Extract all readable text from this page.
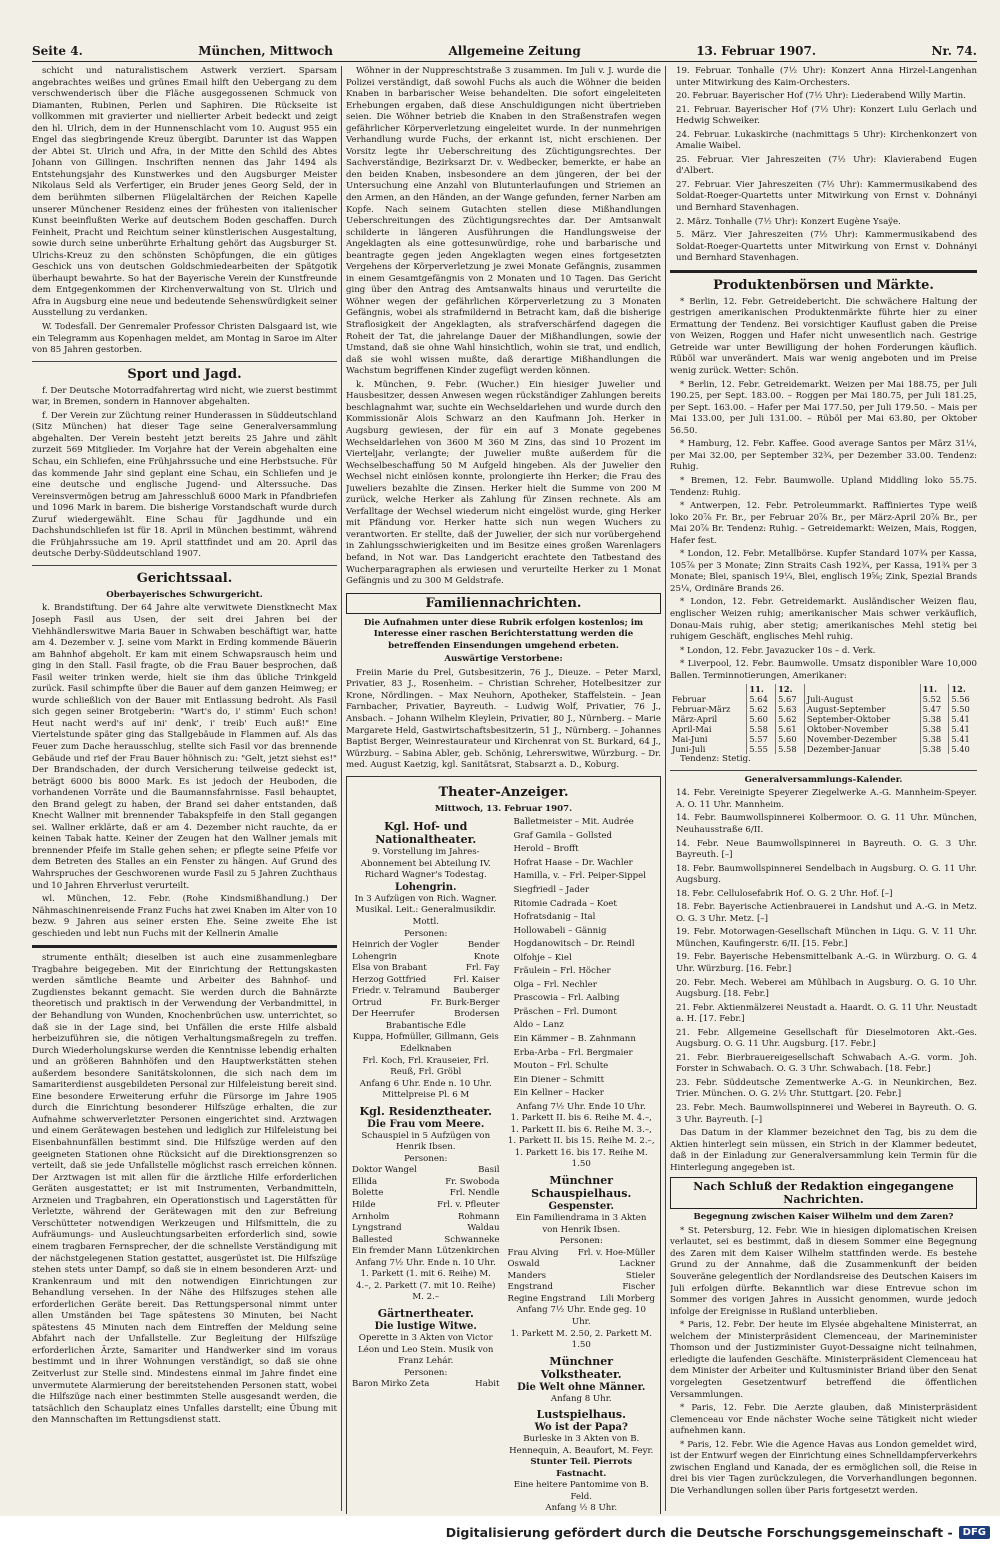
Seite 4.	München, Mittwoch	Allgemeine Zeitung	13. Februar 1907.	Nr. 74.

schicht und naturalistischem Astwerk verziert. Sparsam angebrachtes weißes und grünes Email hilft den Uebergang zu dem verschwenderisch über die Fläche ausgegossenen Schmuck von Diamanten, Rubinen, Perlen und Saphiren. Die Rückseite ist vollkommen mit gravierter und niellierter Arbeit bedeckt und zeigt den hl. Ulrich, dem in der Hunnenschlacht vom 10. August 955 ein Engel das siegbringende Kreuz übergibt. Darunter ist das Wappen der Abtei St. Ulrich und Afra, in der Mitte den Schild des Abtes Johann von Gillingen. Inschriften nennen das Jahr 1494 als Entstehungsjahr des Kunstwerkes und den Augsburger Meister Nikolaus Seld als Verfertiger, ein Bruder jenes Georg Seld, der in dem berühmten silbernen Flügelaltärchen der Reichen Kapelle unserer Münchener Residenz eines der frühesten von italienischer Kunst beeinflußten Werke auf deutschem Boden geschaffen. Durch Feinheit, Pracht und Reichtum seiner künstlerischen Ausgestaltung, sowie durch seine unberührte Erhaltung gehört das Augsburger St. Ulrichs-Kreuz zu den schönsten Schöpfungen, die ein gütiges Geschick uns von deutschen Goldschmiedearbeiten der Spätgotik überhaupt bewahrte. So hat der Bayerische Verein der Kunstfreunde dem Entgegenkommen der Kirchenverwaltung von St. Ulrich und Afra in Augsburg eine neue und bedeutende Sehenswürdigkeit seiner Ausstellung zu verdanken.

W. Todesfall. Der Genremaler Professor Christen Dalsgaard ist, wie ein Telegramm aus Kopenhagen meldet, am Montag in Saroe im Alter von 85 Jahren gestorben.

Sport und Jagd.

f. Der Deutsche Motorradfahrertag wird nicht, wie zuerst bestimmt war, in Bremen, sondern in Hannover abgehalten.

f. Der Verein zur Züchtung reiner Hunderassen in Süddeutschland (Sitz München) hat dieser Tage seine Generalversammlung abgehalten. Der Verein besteht jetzt bereits 25 Jahre und zählt zurzeit 569 Mitglieder. Im Vorjahre hat der Verein abgehalten eine Schau, ein Schliefen, eine Frühjahrssuche und eine Herbstsuche. Für das kommende Jahr sind geplant eine Schau, ein Schliefen und je eine deutsche und englische Jugend- und Alterssuche. Das Vereinsvermögen betrug am Jahresschluß 6000 Mark in Pfandbriefen und 1096 Mark in barem. Die bisherige Vorstandschaft wurde durch Zuruf wiedergewählt. Eine Schau für Jagdhunde und ein Dachshundschliefen ist für 18. April in München bestimmt, während die Frühjahrssuche am 19. April stattfindet und am 20. April das deutsche Derby-Süddeutschland 1907.

Gerichtssaal.
Oberbayerisches Schwurgericht.

k. Brandstiftung. Der 64 Jahre alte verwitwete Dienstknecht Max Joseph Fasil aus Usen, der seit drei Jahren bei der Viehhändlerswitwe Maria Bauer in Schwaben beschäftigt war, hatte am 4. Dezember v. J. seine vom Markt in Erding kommende Bäuerin am Bahnhof abgeholt. Er kam mit einem Schwapsrausch heim und ging in den Stall. Fasil fragte, ob die Frau Bauer besprochen, daß Fasil weiter trinken werde, hielt sie ihm das übliche Trinkgeld zurück. Fasil schimpfte über die Bauer auf dem ganzen Heimweg; er wurde schließlich von der Bauer mit Entlassung bedroht. Als Fasil sich gegen seiner Brotgeberin: "Wart's do, i' stimm' Euch schon! Heut nacht werd's auf ini' denk', i' treib' Euch auß!" Eine Viertelstunde später ging das Stallgebäude in Flammen auf. Als das Feuer zum Dache herausschlug, stellte sich Fasil vor das brennende Gebäude und rief der Frau Bauer höhnisch zu: "Gelt, jetzt siehst es!" Der Brandschaden, der durch Versicherung teilweise gedeckt ist, beträgt 6000 bis 8000 Mark. Es ist jedoch der Heuboden, die vorhandenen Vorräte und die Baumannsfahrnisse. Fasil behauptet, den Brand gelegt zu haben, der Brand sei daher entstanden, daß Knecht Wallner mit brennender Tabakspfeife in den Stall gegangen sei. Wallner erklärte, daß er am 4. Dezember nicht rauchte, da er keinen Tabak hatte. Keiner der Zeugen hat den Wallner jemals mit brennender Pfeife im Stalle gehen sehen; er pflegte seine Pfeife vor dem Betreten des Stalles an ein Fenster zu hängen. Auf Grund des Wahrspruches der Geschworenen wurde Fasil zu 5 Jahren Zuchthaus und 10 Jahren Ehrverlust verurteilt.

wl. München, 12. Febr. (Rohe Kindsmißhandlung.) Der Nähmaschinenreisende Franz Fuchs hat zwei Knaben im Alter von 10 bezw. 9 Jahren aus seiner ersten Ehe. Seine zweite Ehe ist geschieden und lebt nun Fuchs mit der Kellnerin Amalie

strumente enthält; dieselben ist auch eine zusammenlegbare Tragbahre beigegeben. Mit der Einrichtung der Rettungskasten werden sämtliche Beamte und Arbeiter des Bahnhof- und Zugdienstes bekannt gemacht. Sie werden durch die Bahnärzte theoretisch und praktisch in der Verwendung der Verbandmittel, in der Behandlung von Wunden, Knochenbrüchen usw. unterrichtet, so daß sie in der Lage sind, bei Unfällen die erste Hilfe alsbald herbeizuführen sie, die nötigen Verhaltungsmaßregeln zu treffen. Durch Wiederholungskurse werden die Kenntnisse lebendig erhalten und an größeren Bahnhöfen und den Hauptwerkstätten stehen außerdem besondere Sanitätskolonnen, die sich nach dem im Samariterdienst ausgebildeten Personal zur Hilfeleistung bereit sind. Eine besondere Erweiterung erfuhr die Fürsorge im Jahre 1905 durch die Einrichtung besonderer Hilfszüge erhalten, die zur Aufnahme schwerverletzter Personen eingerichtet sind. Arztwagen und einem Gerätewagen bestehen und lediglich zur Hilfeleistung bei Eisenbahnunfällen bestimmt sind. Die Hilfszüge werden auf den geeigneten Stationen ohne Rücksicht auf die Direktionsgrenzen so verteilt, daß sie jede Unfallstelle möglichst rasch erreichen können. Der Arztwagen ist mit allen für die ärztliche Hilfe erforderlichen Geräten ausgestattet; er ist mit Instrumenten, Verbandmitteln, Arzneien und Tragbahren, ein Operationstisch und Lagerstätten für Verletzte, während der Gerätewagen mit den zur Befreiung Verschütteter notwendigen Werkzeugen und Hilfsmitteln, die zu Aufräumungs- und Ausleuchtungsarbeiten erforderlich sind, sowie einem tragbaren Fernsprecher, der die schnellste Verständigung mit der nächstgelegenen Station gestattet, ausgerüstet ist. Die Hilfszüge stehen stets unter Dampf, so daß sie in einem besonderen Arzt- und Krankenraum und mit den notwendigen Einrichtungen zur Behandlung versehen. In der Nähe des Hilfszuges stehen alle erforderlichen Geräte bereit. Das Rettungspersonal nimmt unter allen Umständen bei Tage spätestens 30 Minuten, bei Nacht spätestens 45 Minuten nach dem Eintreffen der Meldung seine Abfahrt nach der Unfallstelle. Zur Begleitung der Hilfszüge erforderlichen Ärzte, Samariter und Handwerker sind im voraus bestimmt und in ihrer Wohnungen verständigt, so daß sie ohne Zeitverlust zur Stelle sind. Mindestens einmal im Jahre findet eine unvermutete Alarmierung der bereitstehenden Personen statt, wobei die Hilfszüge nach einer bestimmten Stelle ausgesandt werden, die tatsächlich den Schauplatz eines Unfalles darstellt; eine Übung mit den Mannschaften im Rettungsdienst statt.

Wöhner in der Nuppreschtstraße 3 zusammen. Im Juli v. J. wurde die Polizei verständigt, daß sowohl Fuchs als auch die Wöhner die beiden Knaben in barbarischer Weise behandelten. Die sofort eingeleiteten Erhebungen ergaben, daß diese Anschuldigungen nicht übertrieben seien. Die Wöhner betrieb die Knaben in den Straßenstrafen wegen gefährlicher Körperverletzung eingeleitet wurde. In der nunmehrigen Verhandlung wurde Fuchs, der erkannt ist, nicht erschienen. Der Vorsitz legte ihr Ueberschreitung des Züchtigungsrechtes. Der Sachverständige, Bezirksarzt Dr. v. Wedbecker, bemerkte, er habe an den beiden Knaben, insbesondere an dem jüngeren, der bei der Untersuchung eine Anzahl von Blutunterlaufungen und Striemen an den Armen, an den Händen, an der Wange gefunden, ferner Narben am Kopfe. Nach seinem Gutachten stellen diese Mißhandlungen Ueberschreitungen des Züchtigungsrechtes dar. Der Amtsanwalt schilderte in längeren Ausführungen die Handlungsweise der Angeklagten als eine gottesunwürdige, rohe und barbarische und beantragte gegen jeden Angeklagten wegen eines fortgesetzten Vergehens der Körperverletzung je zwei Monate Gefängnis, zusammen in einem Gesamtgefängnis von 2 Monaten und 10 Tagen. Das Gericht ging über den Antrag des Amtsanwalts hinaus und verurteilte die Wöhner wegen der gefährlichen Körperverletzung zu 3 Monaten Gefängnis, wobei als strafmildernd in Betracht kam, daß die bisherige Straflosigkeit der Angeklagten, als strafverschärfend dagegen die Roheit der Tat, die jahrelange Dauer der Mißhandlungen, sowie der Umstand, daß sie ohne Wahl hinsichtlich, wohin sie trat, und endlich, daß sie wohl wissen mußte, daß derartige Mißhandlungen die Wachstum begriffenen Kinder zugefügt werden können.

k. München, 9. Febr. (Wucher.) Ein hiesiger Juwelier und Hausbesitzer, dessen Anwesen wegen rückständiger Zahlungen bereits beschlagnahmt war, suchte ein Wechseldarlehen und wurde durch den Kommissionär Alois Schwarz an den Kaufmann Joh. Herker in Augsburg gewiesen, der für ein auf 3 Monate gegebenes Wechseldarlehen von 3600 M 360 M Zins, das sind 10 Prozent im Vierteljahr, verlangte; der Juwelier mußte außerdem für die Wechselbeschaffung 50 M Aufgeld hingeben. Als der Juwelier den Wechsel nicht einlösen konnte, prolongierte ihn Herker; die Frau des Juweliers bezahlte die Zinsen. Herker hielt die Summe von 200 M zurück, welche Herker als Zahlung für Zinsen rechnete. Als am Verfalltage der Wechsel wiederum nicht eingelöst wurde, ging Herker mit Pfändung vor. Herker hatte sich nun wegen Wuchers zu verantworten. Er stellte, daß der Juwelier, der sich nur vorübergehend in Zahlungsschwierigkeiten und im Besitze eines großen Warenlagers befand, in Not war. Das Landgericht erachtete den Tatbestand des Wucherparagraphen als erwiesen und verurteilte Herker zu 1 Monat Gefängnis und zu 300 M Geldstrafe.

Familiennachrichten.

Die Aufnahmen unter diese Rubrik erfolgen kostenlos; im Interesse einer raschen Berichterstattung werden die betreffenden Einsendungen umgehend erbeten.

Auswärtige Verstorbene:

Freiin Marie du Prel, Gutsbesitzerin, 76 J., Dieuze. – Peter Marxl, Privatier, 83 J., Rosenheim. – Christian Schreher, Hotelbesitzer zur Krone, Nördlingen. – Max Neuhorn, Apotheker, Staffelstein. – Jean Farnbacher, Privatier, Bayreuth. – Ludwig Wolf, Privatier, 76 J., Ansbach. – Johann Wilhelm Kleylein, Privatier, 80 J., Nürnberg. – Marie Margarete Held, Gastwirtschaftsbesitzerin, 51 J., Nürnberg. – Johannes Baptist Berger, Weinrestaurateur und Kirchenrat von St. Burkard, 64 J., Würzburg. – Sabina Abler, geb. Schönig, Lehrerswitwe, Würzburg. – Dr. med. August Kaetzig, kgl. Sanitätsrat, Stabsarzt a. D., Koburg.

Theater-Anzeiger.
Mittwoch, 13. Februar 1907.
Kgl. Hof- und Nationaltheater.

9. Vorstellung im Jahres-Abonnement bei Abteilung IV. Richard Wagner's Todestag.

Lohengrin.

In 3 Aufzügen von Rich. Wagner. Musikal. Leit.: Generalmusikdir. Mottl.

Personen:

Heinrich der Vogler	Bender

Lohengrin	Knote

Elsa von Brabant	Frl. Fay

Herzog Gottfried	Frl. Kaiser

Friedr. v. Telramund Bauberger

Ortrud	Fr. Burk-Berger

Der Heerrufer	Brodersen

Brabantische Edle

Kuppa, Hofmüller, Gillmann, Geis

Edelknaben

Frl. Koch, Frl. Krauseier, Frl. Reuß, Frl. Gröbl

Anfang 6 Uhr. Ende n. 10 Uhr.

Mittelpreise Pl. 6 M

Kgl. Residenztheater.
Die Frau vom Meere.

Schauspiel in 5 Aufzügen von Henrik Ibsen.

Personen:

Doktor Wangel	Basil

Ellida	Fr. Swoboda

Bolette	Frl. Nendle

Hilde	Frl. v. Pfleuter

Arnholm	Rohmann

Lyngstrand	Waldau

Ballested	Schwanneke

Ein fremder Mann Lützenkirchen

Anfang 7½ Uhr. Ende n. 10 Uhr.

1. Parkett (1. mit 6. Reihe) M. 4.–, 2. Parkett (7. mit 10. Reihe) M. 2.–

Gärtnertheater.
Die lustige Witwe.

Operette in 3 Akten von Victor Léon und Leo Stein. Musik von Franz Lehár.

Personen:

Baron Mirko Zeta	Habit

Balletmeister – Mit. Audrée

Graf Gamila – Gollsted

Herold – Brofft

Hofrat Haase – Dr. Wachler

Hamilla, v. – Frl. Peiper-Sippel

Siegfriedl – Jader

Ritomie Cadrada – Koet

Hofratsdanig – Ital

Hollowabeli – Gännig

Hogdanowitsch – Dr. Reindl

Olfohje – Kiel

Fräulein – Frl. Höcher

Olga – Frl. Nechler

Prascowia – Frl. Aalbing

Präschen – Frl. Dumont

Aldo – Lanz

Ein Kämmer – B. Zahnmann

Erba-Arba – Frl. Bergmaier

Mouton – Frl. Schulte

Ein Diener – Schmitt

Ein Kellner – Hacker

Anfang 7½ Uhr. Ende 10 Uhr.

1. Parkett II. bis 6. Reihe M. 4.–, 1. Parkett II. bis 6. Reihe M. 3.–, 1. Parkett II. bis 15. Reihe M. 2.–, 1. Parkett 16. bis 17. Reihe M. 1.50

Münchner Schauspielhaus.
Gespenster.

Ein Familiendrama in 3 Akten von Henrik Ibsen.

Personen:

Frau Alving Frl. v. Hoe-Müller

Oswald	Lackner

Manders	Stieler

Engstrand	Fischer

Regine Engstrand Lili Morberg

Anfang 7½ Uhr. Ende geg. 10 Uhr.

1. Parkett M. 2.50, 2. Parkett M. 1.50

Münchner Volkstheater.
Die Welt ohne Männer.

Anfang 8 Uhr.

Lustspielhaus.
Wo ist der Papa?

Burleske in 3 Akten von B. Hennequin, A. Beaufort, M. Feyr.

Stunter Teil. Pierrots Fastnacht.

Eine heitere Pantomime von B. Feld.

Anfang ½ 8 Uhr.

19. Februar. Tonhalle (7½ Uhr): Konzert Anna Hirzel-Langenhan unter Mitwirkung des Kaim-Orchesters.

20. Februar. Bayerischer Hof (7½ Uhr): Liederabend Willy Martin.

21. Februar. Bayerischer Hof (7½ Uhr): Konzert Lulu Gerlach und Hedwig Schweiker.

24. Februar. Lukaskirche (nachmittags 5 Uhr): Kirchenkonzert von Amalie Waibel.

25. Februar. Vier Jahreszeiten (7½ Uhr): Klavierabend Eugen d'Albert.

27. Februar. Vier Jahreszeiten (7½ Uhr): Kammermusikabend des Soldat-Roeger-Quartetts unter Mitwirkung von Ernst v. Dohnányi und Bernhard Stavenhagen.

2. März. Tonhalle (7½ Uhr): Konzert Eugène Ysaÿe.

5. März. Vier Jahreszeiten (7½ Uhr): Kammermusikabend des Soldat-Roeger-Quartetts unter Mitwirkung von Ernst v. Dohnányi und Bernhard Stavenhagen.

Produktenbörsen und Märkte.

* Berlin, 12. Febr. Getreidebericht. Die schwächere Haltung der gestrigen amerikanischen Produktenmärkte führte hier zu einer Ermattung der Tendenz. Bei vorsichtiger Kauflust gaben die Preise von Weizen, Roggen und Hafer nicht unwesentlich nach. Gestrige Getreide war unter Bewilligung der hohen Forderungen käuflich. Rüböl war unverändert. Mais war wenig angeboten und im Preise wenig zurück. Wetter: Schön.

* Berlin, 12. Febr. Getreidemarkt. Weizen per Mai 188.75, per Juli 190.25, per Sept. 183.00. – Roggen per Mai 180.75, per Juli 181.25, per Sept. 163.00. – Hafer per Mai 177.50, per Juli 179.50. – Mais per Mai 133.00, per Juli 131.00. – Rüböl per Mai 63.80, per Oktober 56.50.

* Hamburg, 12. Febr. Kaffee. Good average Santos per März 31¼, per Mai 32.00, per September 32¾, per Dezember 33.00. Tendenz: Ruhig.

* Bremen, 12. Febr. Baumwolle. Upland Middling loko 55.75. Tendenz: Ruhig.

* Antwerpen, 12. Febr. Petroleummarkt. Raffiniertes Type weiß loko 20⅞ Fr. Br., per Februar 20⅞ Br., per März-April 20⅞ Br., per Mai 20⅞ Br. Tendenz: Ruhig. – Getreidemarkt: Weizen, Mais, Roggen, Hafer fest.

* London, 12. Febr. Metallbörse. Kupfer Standard 107¾ per Kassa, 105⅞ per 3 Monate; Zinn Straits Cash 192¾, per Kassa, 191¾ per 3 Monate; Blei, spanisch 19¼, Blei, englisch 19⅝; Zink, Spezial Brands 25¼, Ordinäre Brands 26.

* London, 12. Febr. Getreidemarkt. Ausländischer Weizen flau, englischer Weizen ruhig; amerikanischer Mais schwer verkäuflich, Donau-Mais ruhig, aber stetig; amerikanisches Mehl stetig bei ruhigem Geschäft, englisches Mehl ruhig.

* London, 12. Febr. Javazucker 10s – d. Verk.

* Liverpool, 12. Febr. Baumwolle. Umsatz disponibler Ware 10,000 Ballen. Terminnotierungen, Amerikaner:

	11.	12.		11.	12.
Februar	5.64	5.67	Juli-August	5.52	5.56
Februar-März	5.62	5.63	August-September	5.47	5.50
März-April	5.60	5.62	September-Oktober	5.38	5.41
April-Mai	5.58	5.61	Oktober-November	5.38	5.41
Mai-Juni	5.57	5.60	November-Dezember	5.38	5.41
Juni-Juli	5.55	5.58	Dezember-Januar	5.38	5.40

Tendenz: Stetig.

Generalversammlungs-Kalender.

14. Febr. Vereinigte Speyerer Ziegelwerke A.-G. Mannheim-Speyer. A. O. 11 Uhr. Mannheim.

14. Febr. Baumwollspinnerei Kolbermoor. O. G. 11 Uhr. München, Neuhausstraße 6/II.

14. Febr. Neue Baumwollspinnerei in Bayreuth. O. G. 3 Uhr. Bayreuth. [–]

18. Febr. Baumwollspinnerei Sendelbach in Augsburg. O. G. 11 Uhr. Augsburg.

18. Febr. Cellulosefabrik Hof. O. G. 2 Uhr. Hof. [–]

18. Febr. Bayerische Actienbrauerei in Landshut und A.-G. in Metz. O. G. 3 Uhr. Metz. [–]

19. Febr. Motorwagen-Gesellschaft München in Liqu. G. V. 11 Uhr. München, Kaufingerstr. 6/II. [15. Febr.]

19. Febr. Bayerische Hebensmittelbank A.-G. in Würzburg. O. G. 4 Uhr. Würzburg. [16. Febr.]

20. Febr. Mech. Weberei am Mühlbach in Augsburg. O. G. 10 Uhr. Augsburg. [18. Febr.]

21. Febr. Aktienmälzerei Neustadt a. Haardt. O. G. 11 Uhr. Neustadt a. H. [17. Febr.]

21. Febr. Allgemeine Gesellschaft für Dieselmotoren Akt.-Ges. Augsburg. O. G. 11 Uhr. Augsburg. [17. Febr.]

21. Febr. Bierbrauereigesellschaft Schwabach A.-G. vorm. Joh. Forster in Schwabach. O. G. 3 Uhr. Schwabach. [18. Febr.]

23. Febr. Süddeutsche Zementwerke A.-G. in Neunkirchen, Bez. Trier. München. O. G. 2½ Uhr. Stuttgart. [20. Febr.]

23. Febr. Mech. Baumwollspinnerei und Weberei in Bayreuth. O. G. 3 Uhr. Bayreuth. [–]

Das Datum in der Klammer bezeichnet den Tag, bis zu dem die Aktien hinterlegt sein müssen, ein Strich in der Klammer bedeutet, daß in der Einladung zur Generalversammlung kein Termin für die Hinterlegung angegeben ist.

Nach Schluß der Redaktion eingegangene Nachrichten.
Begegnung zwischen Kaiser Wilhelm und dem Zaren?

* St. Petersburg, 12. Febr. Wie in hiesigen diplomatischen Kreisen verlautet, sei es bestimmt, daß in diesem Sommer eine Begegnung des Zaren mit dem Kaiser Wilhelm stattfinden werde. Es bestehe Grund zu der Annahme, daß die Zusammenkunft der beiden Souveräne gelegentlich der Nordlandsreise des Deutschen Kaisers im Juli erfolgen dürfte. Bekanntlich war diese Entrevue schon im Sommer des vorigen Jahres in Aussicht genommen, wurde jedoch infolge der Ereignisse in Rußland unterblieben.

* Paris, 12. Febr. Der heute im Elysée abgehaltene Ministerrat, an welchem der Ministerpräsident Clemenceau, der Marineminister Thomson und der Justizminister Guyot-Dessaigne nicht teilnahmen, erledigte die laufenden Geschäfte. Ministerpräsident Clemenceau hat dem Minister der Arbeiter und Kultusminister Briand über den Senat vorgelegten Gesetzentwurf betreffend die öffentlichen Versammlungen.

* Paris, 12. Febr. Die Aerzte glauben, daß Ministerpräsident Clemenceau vor Ende nächster Woche seine Tätigkeit nicht wieder aufnehmen kann.

* Paris, 12. Febr. Wie die Agence Havas aus London gemeldet wird, ist der Entwurf wegen der Einrichtung eines Schnelldampferverkehrs zwischen England und Kanada, der es ermöglichen soll, die Reise in drei bis vier Tagen zurückzulegen, die Vorverhandlungen begonnen. Die Verhandlungen sollen über Paris fortgesetzt werden.

Digitalisierung gefördert durch die Deutsche Forschungsgemeinschaft -	DFG
